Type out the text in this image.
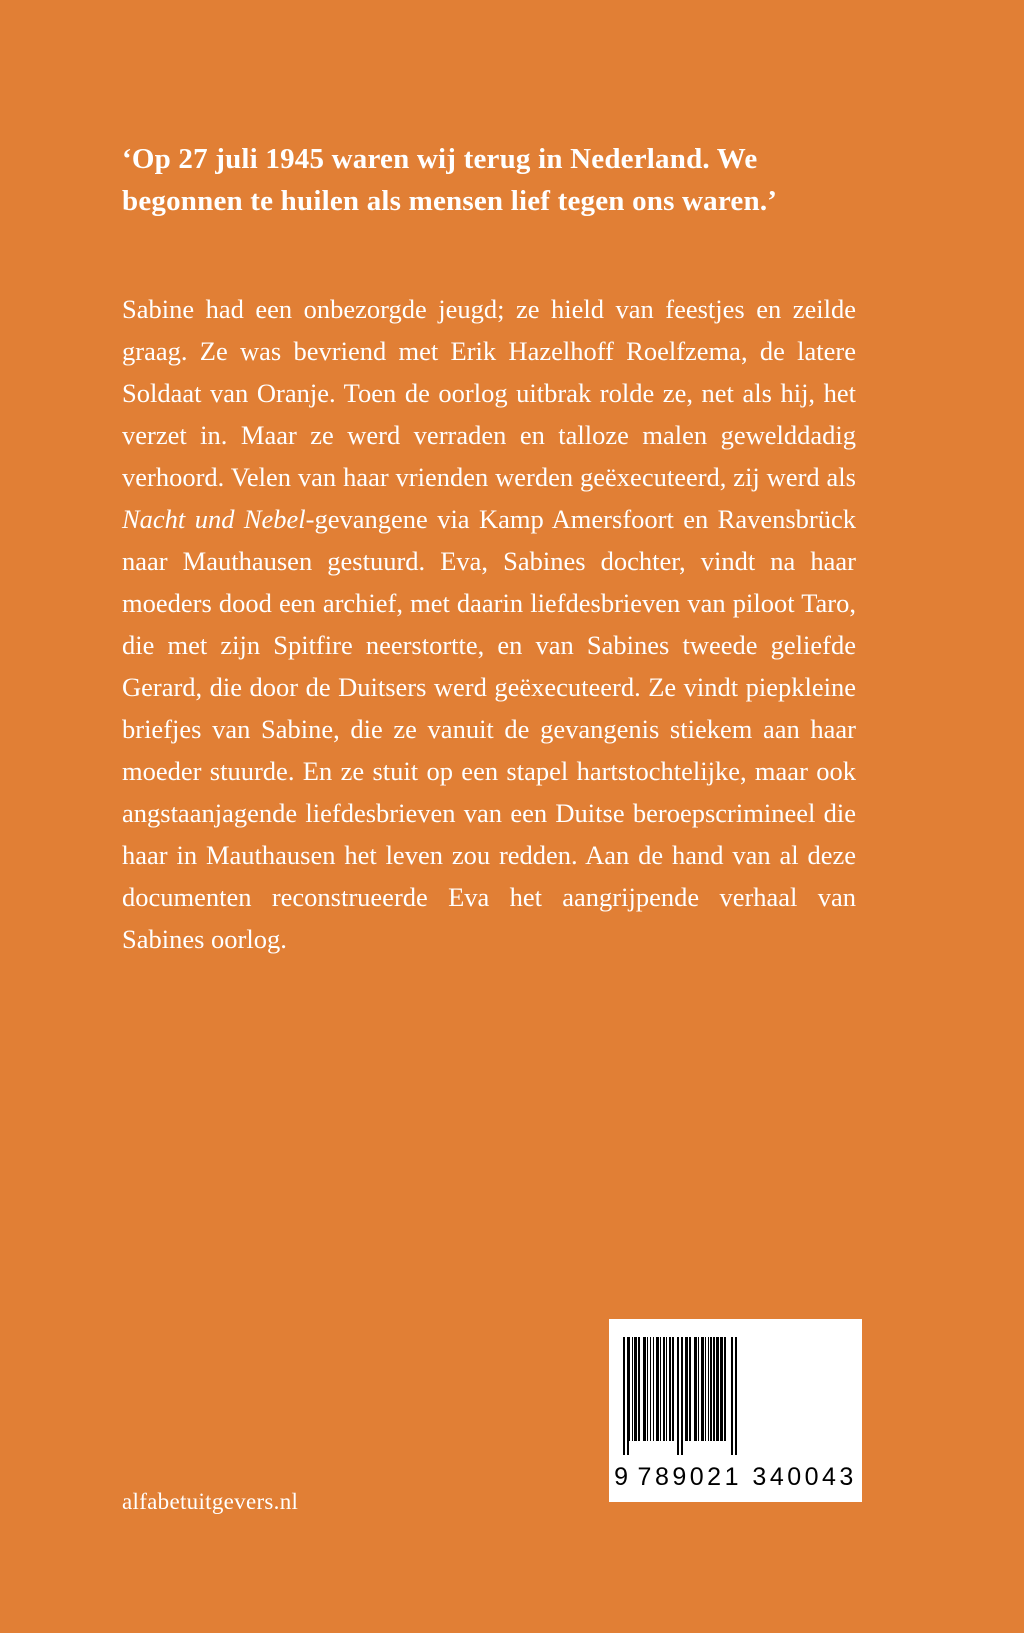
‘Op 27 juli 1945 waren wij terug in Nederland. We begonnen te huilen als mensen lief tegen ons waren.’
Sabine had een onbezorgde jeugd; ze hield van feestjes en zeilde graag. Ze was bevriend met Erik Hazelhoff Roelfzema, de latere Soldaat van Oranje. Toen de oorlog uitbrak rolde ze, net als hij, het verzet in. Maar ze werd verraden en talloze malen gewelddadig verhoord. Velen van haar vrienden werden geëxecuteerd, zij werd als Nacht und Nebel-gevangene via Kamp Amersfoort en Ravensbrück naar Mauthausen gestuurd. Eva, Sabines dochter, vindt na haar moeders dood een archief, met daarin liefdesbrieven van piloot Taro, die met zijn Spitfire neerstortte, en van Sabines tweede geliefde Gerard, die door de Duitsers werd geëxecuteerd. Ze vindt piepkleine briefjes van Sabine, die ze vanuit de gevangenis stiekem aan haar moeder stuurde. En ze stuit op een stapel hartstochtelijke, maar ook angstaanjagende liefdesbrieven van een Duitse beroepscrimineel die haar in Mauthausen het leven zou redden. Aan de hand van al deze documenten reconstrueerde Eva het aangrijpende verhaal van Sabines oorlog.
alfabetuitgevers.nl
9 789021 340043
